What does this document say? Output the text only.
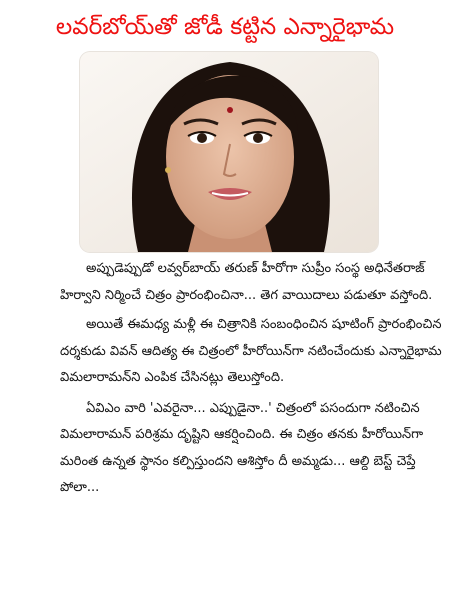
లవర్‌బోయ్‌తో జోడీ కట్టిన ఎన్నారైభామ

అప్పుడెప్పుడో లవ్వర్‌బాయ్ తరుణ్ హీరోగా సుప్రీం సంస్థ అధినేతరాజ్ హిర్వాని నిర్మించే చిత్రం ప్రారంభించినా... తెగ వాయిదాలు పడుతూ వస్తోంది.

అయితే ఈమధ్య మళ్లీ ఈ చిత్రానికి సంబంధించిన షూటింగ్ ప్రారంభించిన దర్శకుడు వివన్ ఆదిత్య ఈ చిత్రంలో హీరోయిన్‌గా నటించేందుకు ఎన్నారైభామ విమలారామన్‌ని ఎంపిక చేసినట్లు తెలుస్తోంది.

ఏవిఎం వారి 'ఎవరైనా... ఎప్పుడైనా..' చిత్రంలో పసందుగా నటించిన విమలారామన్ పరిశ్రమ దృష్టిని ఆకర్షించింది. ఈ చిత్రం తనకు హీరోయిన్‌గా మరింత ఉన్నత స్థానం కల్పిస్తుందని ఆశిస్తోం దీ అమ్మడు... ఆల్ది బెస్ట్ చెప్తే పోలా...
